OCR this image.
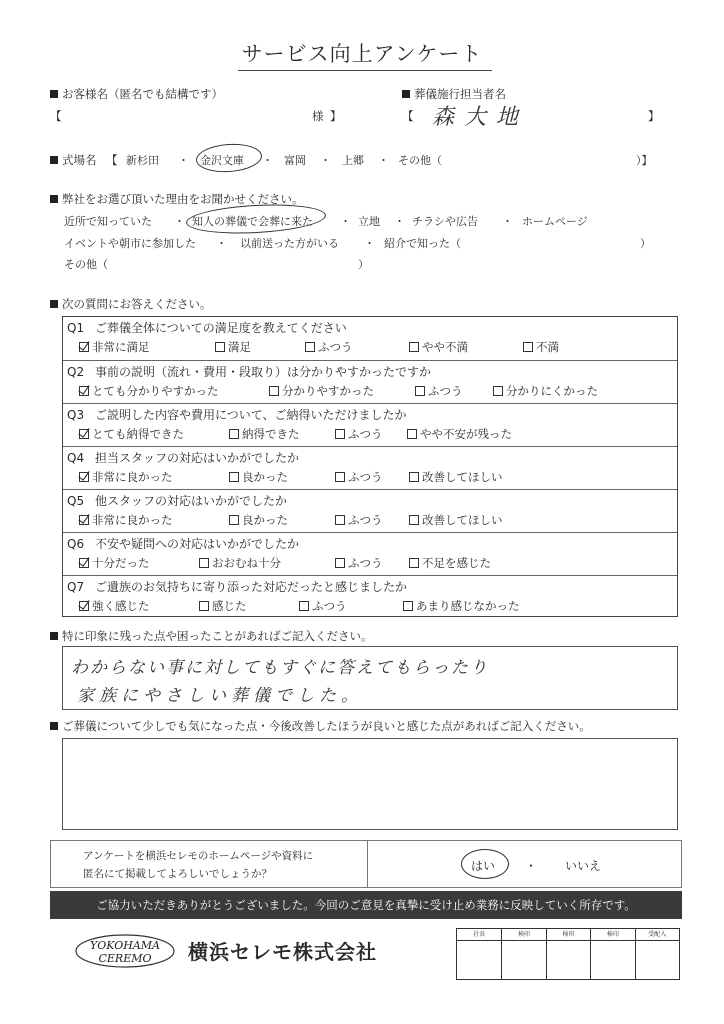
サービス向上アンケート
お客様名（匿名でも結構です）
【	様 】
葬儀施行担当者名
【 森大地	】
式場名 【 新杉田 ・ 金沢文庫 ・ 富岡 ・ 上郷 ・ その他（	）】
弊社をお選び頂いた理由をお聞かせください。
近所で知っていた ・ 知人の葬儀で会葬に来た ・ 立地 ・ チラシや広告 ・ ホームページ
イベントや朝市に参加した ・ 以前送った方がいる ・ 紹介で知った（	）
その他（	）
次の質問にお答えください。
Q1 ご葬儀全体についての満足度を教えてください
非常に満足	満足	ふつう	やや不満	不満
Q2 事前の説明（流れ・費用・段取り）は分かりやすかったですか
とても分かりやすかった	分かりやすかった	ふつう	分かりにくかった
Q3 ご説明した内容や費用について、ご納得いただけましたか
とても納得できた	納得できた	ふつう	やや不安が残った
Q4 担当スタッフの対応はいかがでしたか
非常に良かった	良かった	ふつう	改善してほしい
Q5 他スタッフの対応はいかがでしたか
非常に良かった	良かった	ふつう	改善してほしい
Q6 不安や疑問への対応はいかがでしたか
十分だった	おおむね十分	ふつう	不足を感じた
Q7 ご遺族のお気持ちに寄り添った対応だったと感じましたか
強く感じた	感じた	ふつう	あまり感じなかった
特に印象に残った点や困ったことがあればご記入ください。
わからない事に対してもすぐに答えてもらったり
家族にやさしい葬儀でした。
ご葬儀について少しでも気になった点・今後改善したほうが良いと感じた点があればご記入ください。
アンケートを横浜セレモのホームページや資料に
匿名にて掲載してよろしいでしょうか？
はい ・ いいえ
ご協力いただきありがとうございました。今回のご意見を真摯に受け止め業務に反映していく所存です。
YOKOHAMA
CEREMO 横浜セレモ株式会社
社長	検印	検印	検印	受配入
